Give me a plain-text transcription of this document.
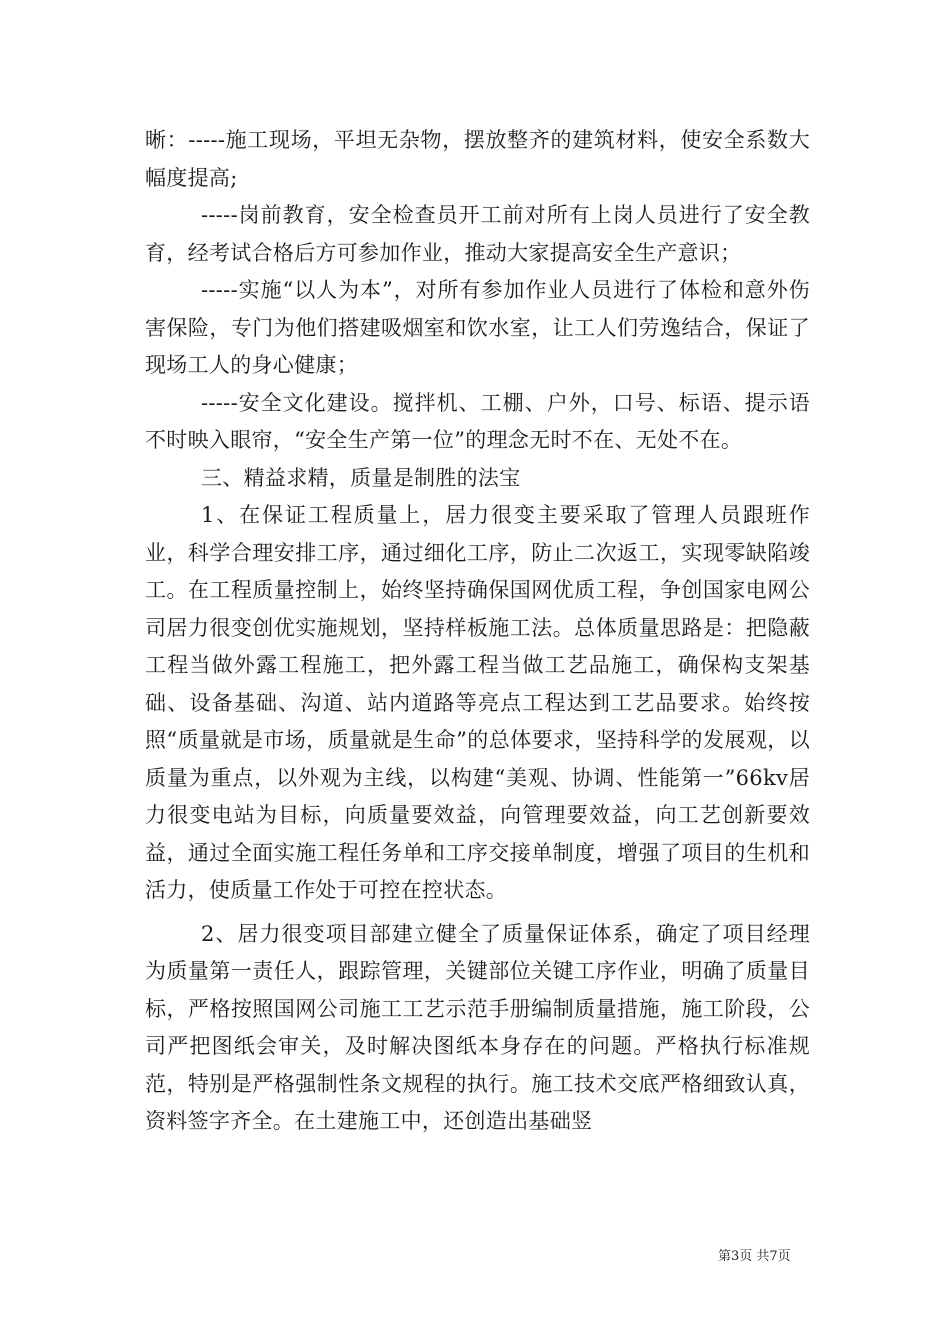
晰：-----施工现场，平坦无杂物，摆放整齐的建筑材料，使安全系数大幅度提高;

-----岗前教育，安全检查员开工前对所有上岗人员进行了安全教育，经考试合格后方可参加作业，推动大家提高安全生产意识；

-----实施“以人为本”，对所有参加作业人员进行了体检和意外伤害保险，专门为他们搭建吸烟室和饮水室，让工人们劳逸结合，保证了现场工人的身心健康；

-----安全文化建设。搅拌机、工棚、户外，口号、标语、提示语不时映入眼帘，“安全生产第一位”的理念无时不在、无处不在。

三、精益求精，质量是制胜的法宝

1、在保证工程质量上，居力很变主要采取了管理人员跟班作业，科学合理安排工序，通过细化工序，防止二次返工，实现零缺陷竣工。在工程质量控制上，始终坚持确保国网优质工程，争创国家电网公司居力很变创优实施规划，坚持样板施工法。总体质量思路是：把隐蔽工程当做外露工程施工，把外露工程当做工艺品施工，确保构支架基础、设备基础、沟道、站内道路等亮点工程达到工艺品要求。始终按照“质量就是市场，质量就是生命”的总体要求，坚持科学的发展观，以质量为重点，以外观为主线，以构建“美观、协调、性能第一”66kv居力很变电站为目标，向质量要效益，向管理要效益，向工艺创新要效益，通过全面实施工程任务单和工序交接单制度，增强了项目的生机和活力，使质量工作处于可控在控状态。

2、居力很变项目部建立健全了质量保证体系，确定了项目经理为质量第一责任人，跟踪管理，关键部位关键工序作业，明确了质量目标，严格按照国网公司施工工艺示范手册编制质量措施，施工阶段，公司严把图纸会审关，及时解决图纸本身存在的问题。严格执行标准规范，特别是严格强制性条文规程的执行。施工技术交底严格细致认真，资料签字齐全。在土建施工中，还创造出基础竖

第3页 共7页
